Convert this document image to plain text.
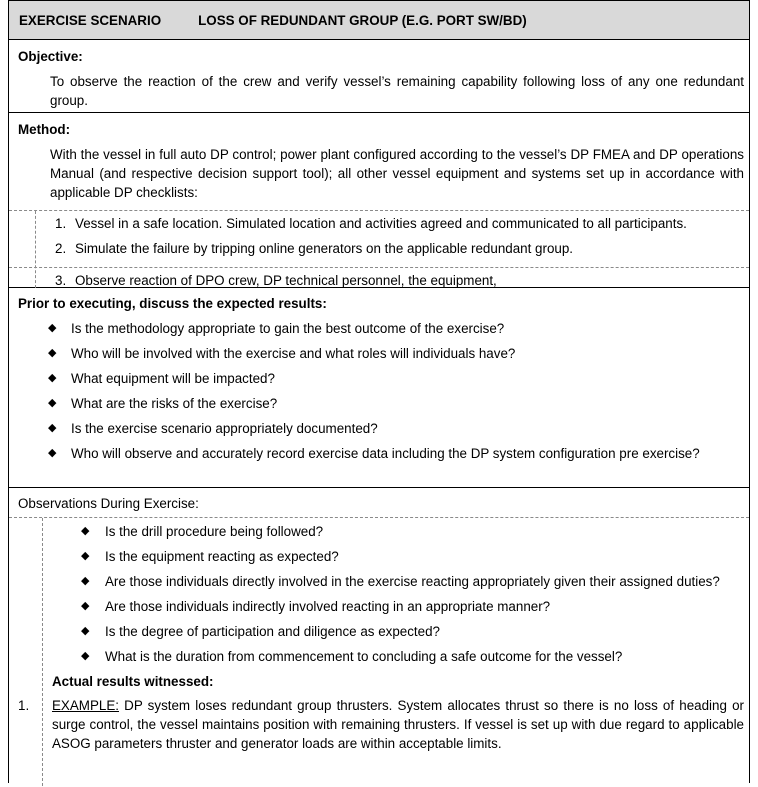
EXERCISE SCENARIO	LOSS OF REDUNDANT GROUP (E.G. PORT SW/BD)
Objective:
To observe the reaction of the crew and verify vessel’s remaining capability following loss of any one redundant group.
Method:
With the vessel in full auto DP control; power plant configured according to the vessel’s DP FMEA and DP operations Manual (and respective decision support tool); all other vessel equipment and systems set up in accordance with applicable DP checklists:
1. Vessel in a safe location. Simulated location and activities agreed and communicated to all participants.
2. Simulate the failure by tripping online generators on the applicable redundant group.
3. Observe reaction of DPO crew, DP technical personnel, the equipment,
Prior to executing, discuss the expected results:
◆	Is the methodology appropriate to gain the best outcome of the exercise?
◆	Who will be involved with the exercise and what roles will individuals have?
◆	What equipment will be impacted?
◆	What are the risks of the exercise?
◆	Is the exercise scenario appropriately documented?
◆	Who will observe and accurately record exercise data including the DP system configuration pre exercise?
Observations During Exercise:
◆	Is the drill procedure being followed?
◆	Is the equipment reacting as expected?
◆	Are those individuals directly involved in the exercise reacting appropriately given their assigned duties?
◆	Are those individuals indirectly involved reacting in an appropriate manner?
◆	Is the degree of participation and diligence as expected?
◆	What is the duration from commencement to concluding a safe outcome for the vessel?
Actual results witnessed:
1.	EXAMPLE: DP system loses redundant group thrusters. System allocates thrust so there is no loss of heading or surge control, the vessel maintains position with remaining thrusters. If vessel is set up with due regard to applicable ASOG parameters thruster and generator loads are within acceptable limits.
